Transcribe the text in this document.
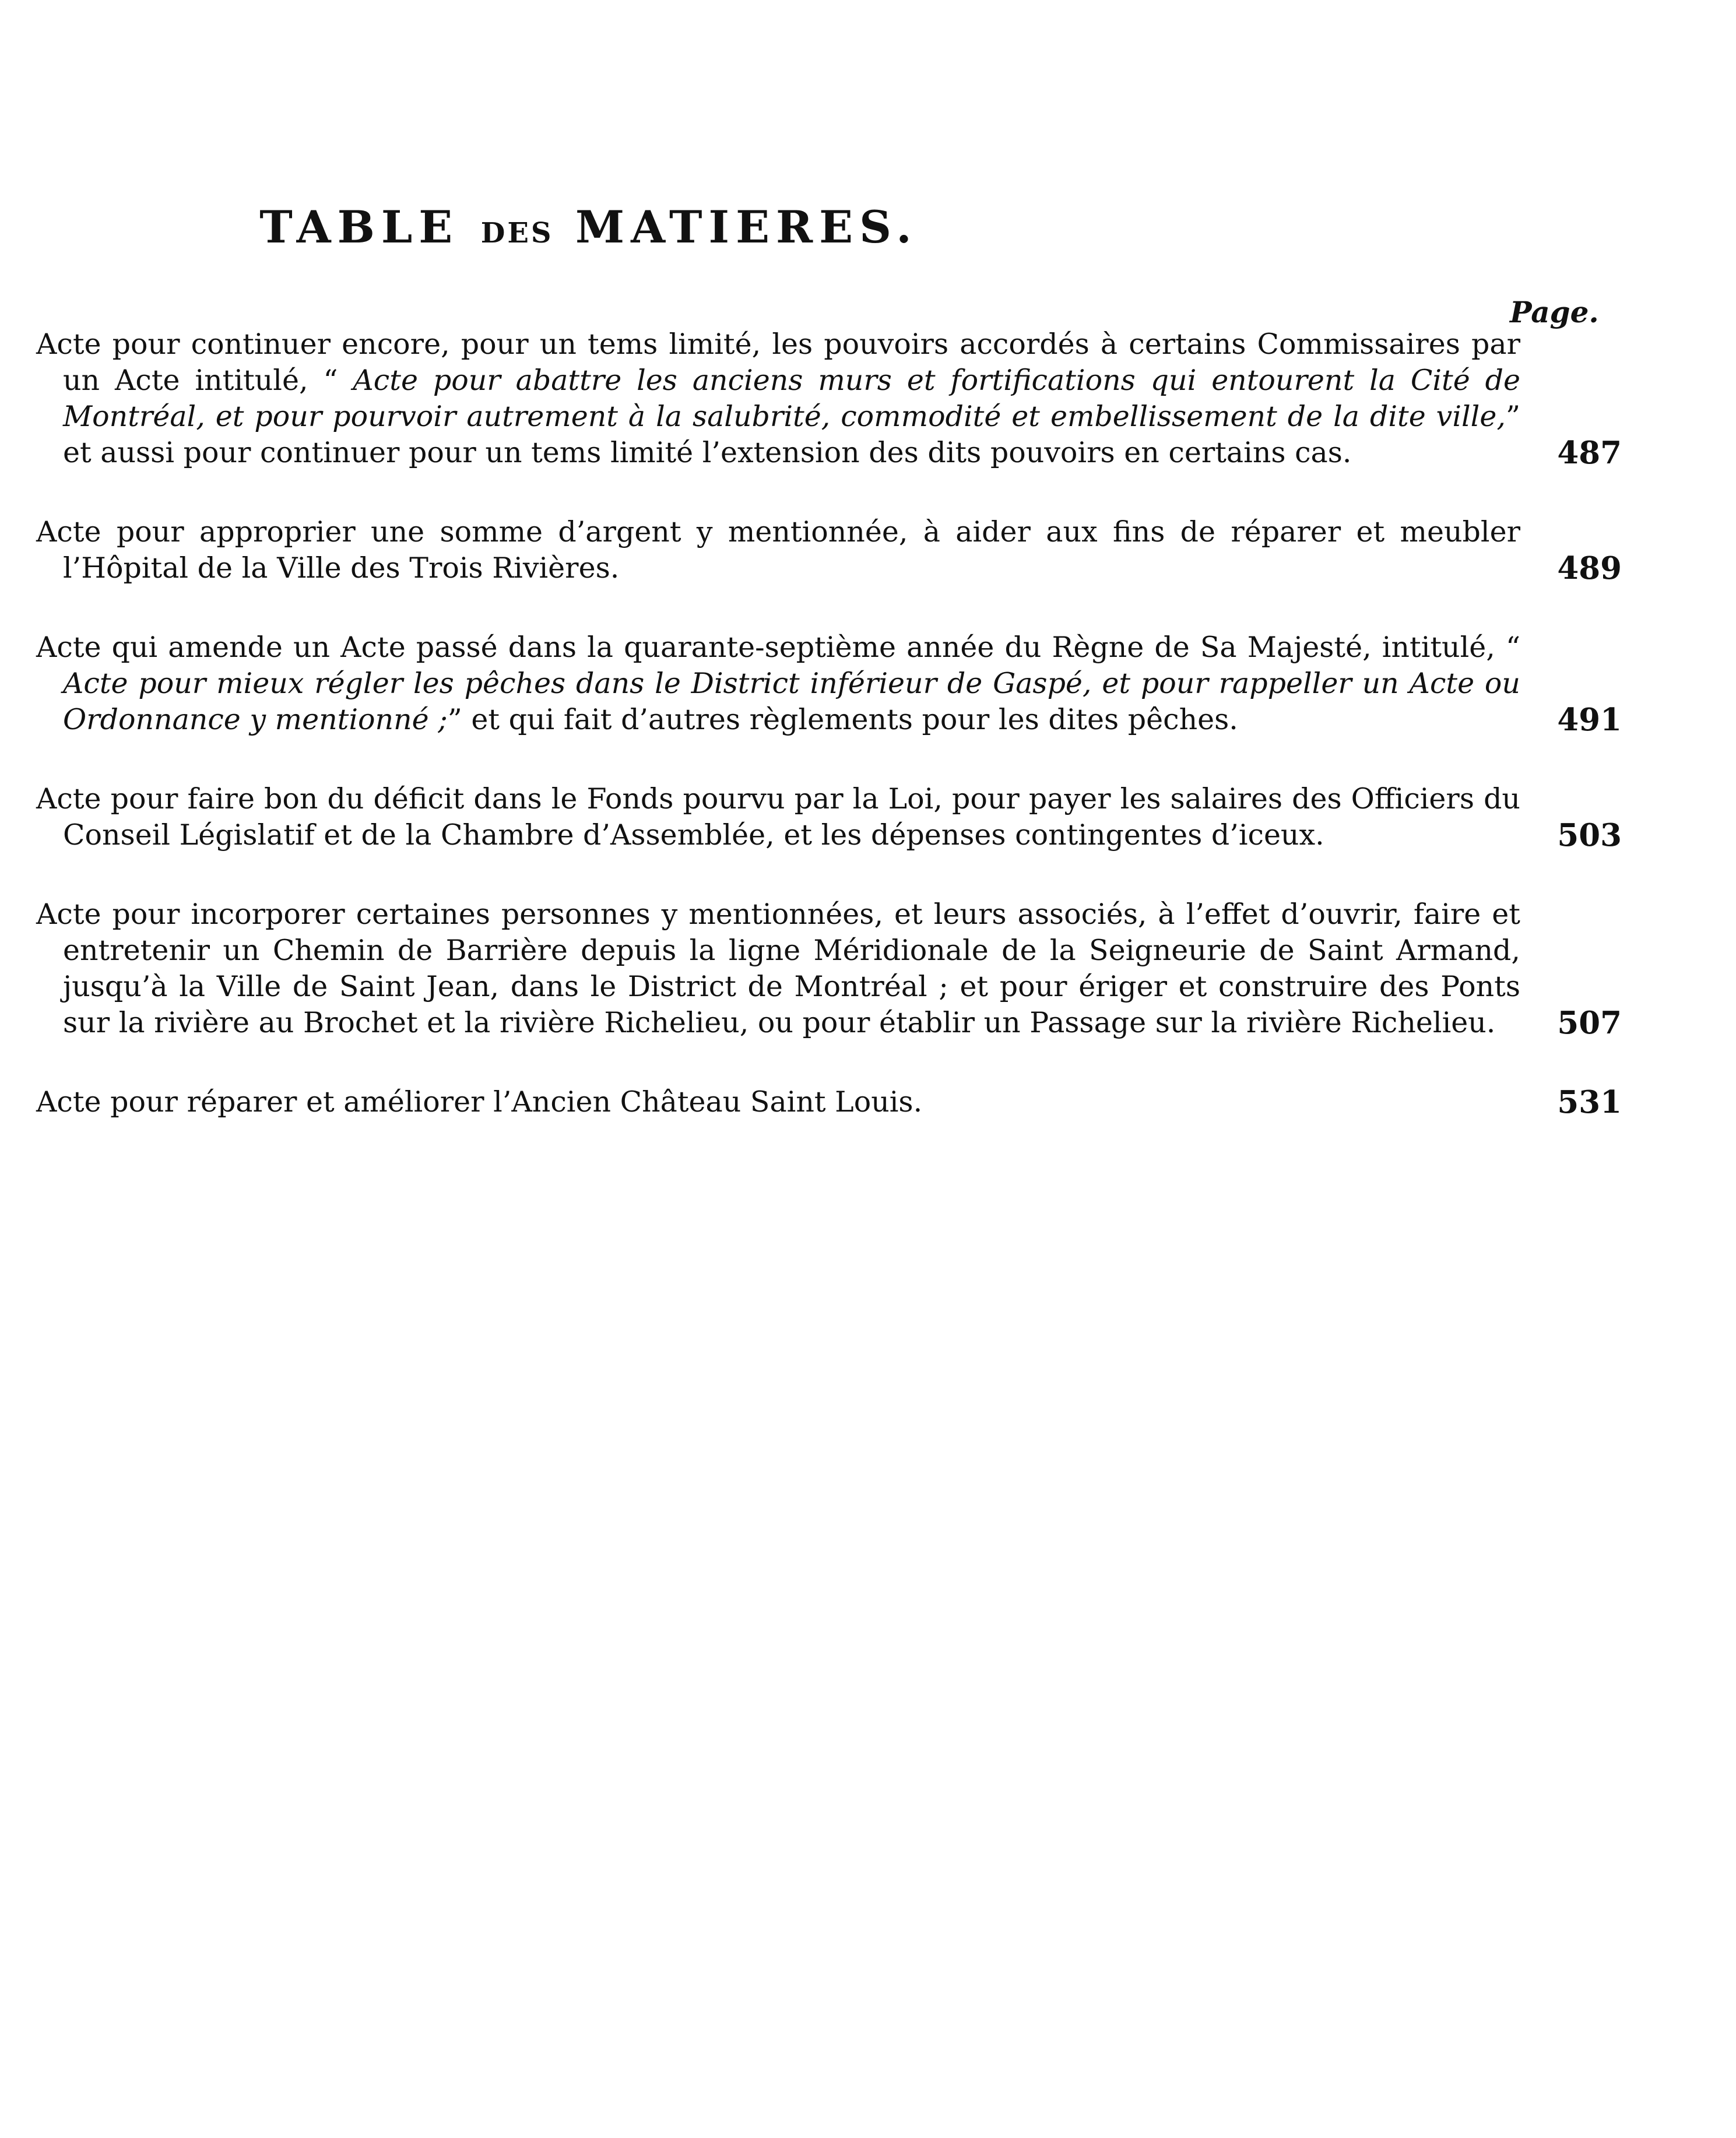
TABLE DES MATIERES.
Page.
Acte pour continuer encore, pour un tems limité, les pouvoirs accordés à certains Commissaires par un Acte intitulé, “ Acte pour abattre les anciens murs et fortifications qui entourent la Cité de Montréal, et pour pourvoir autrement à la salubrité, commodité et embellissement de la dite ville,” et aussi pour continuer pour un tems limité l’extension des dits pouvoirs en certains cas.	487
Acte pour approprier une somme d’argent y mentionnée, à aider aux fins de réparer et meubler l’Hôpital de la Ville des Trois Rivières.	489
Acte qui amende un Acte passé dans la quarante-septième année du Règne de Sa Majesté, intitulé, “ Acte pour mieux régler les pêches dans le District inférieur de Gaspé, et pour rappeller un Acte ou Ordonnance y mentionné ;” et qui fait d’autres règlements pour les dites pêches.	491
Acte pour faire bon du déficit dans le Fonds pourvu par la Loi, pour payer les salaires des Officiers du Conseil Législatif et de la Chambre d’Assemblée, et les dépenses contingentes d’iceux.	503
Acte pour incorporer certaines personnes y mentionnées, et leurs associés, à l’effet d’ouvrir, faire et entretenir un Chemin de Barrière depuis la ligne Méridionale de la Seigneurie de Saint Armand, jusqu’à la Ville de Saint Jean, dans le District de Montréal ; et pour ériger et construire des Ponts sur la rivière au Brochet et la rivière Richelieu, ou pour établir un Passage sur la rivière Richelieu.	507
Acte pour réparer et améliorer l’Ancien Château Saint Louis.	531
